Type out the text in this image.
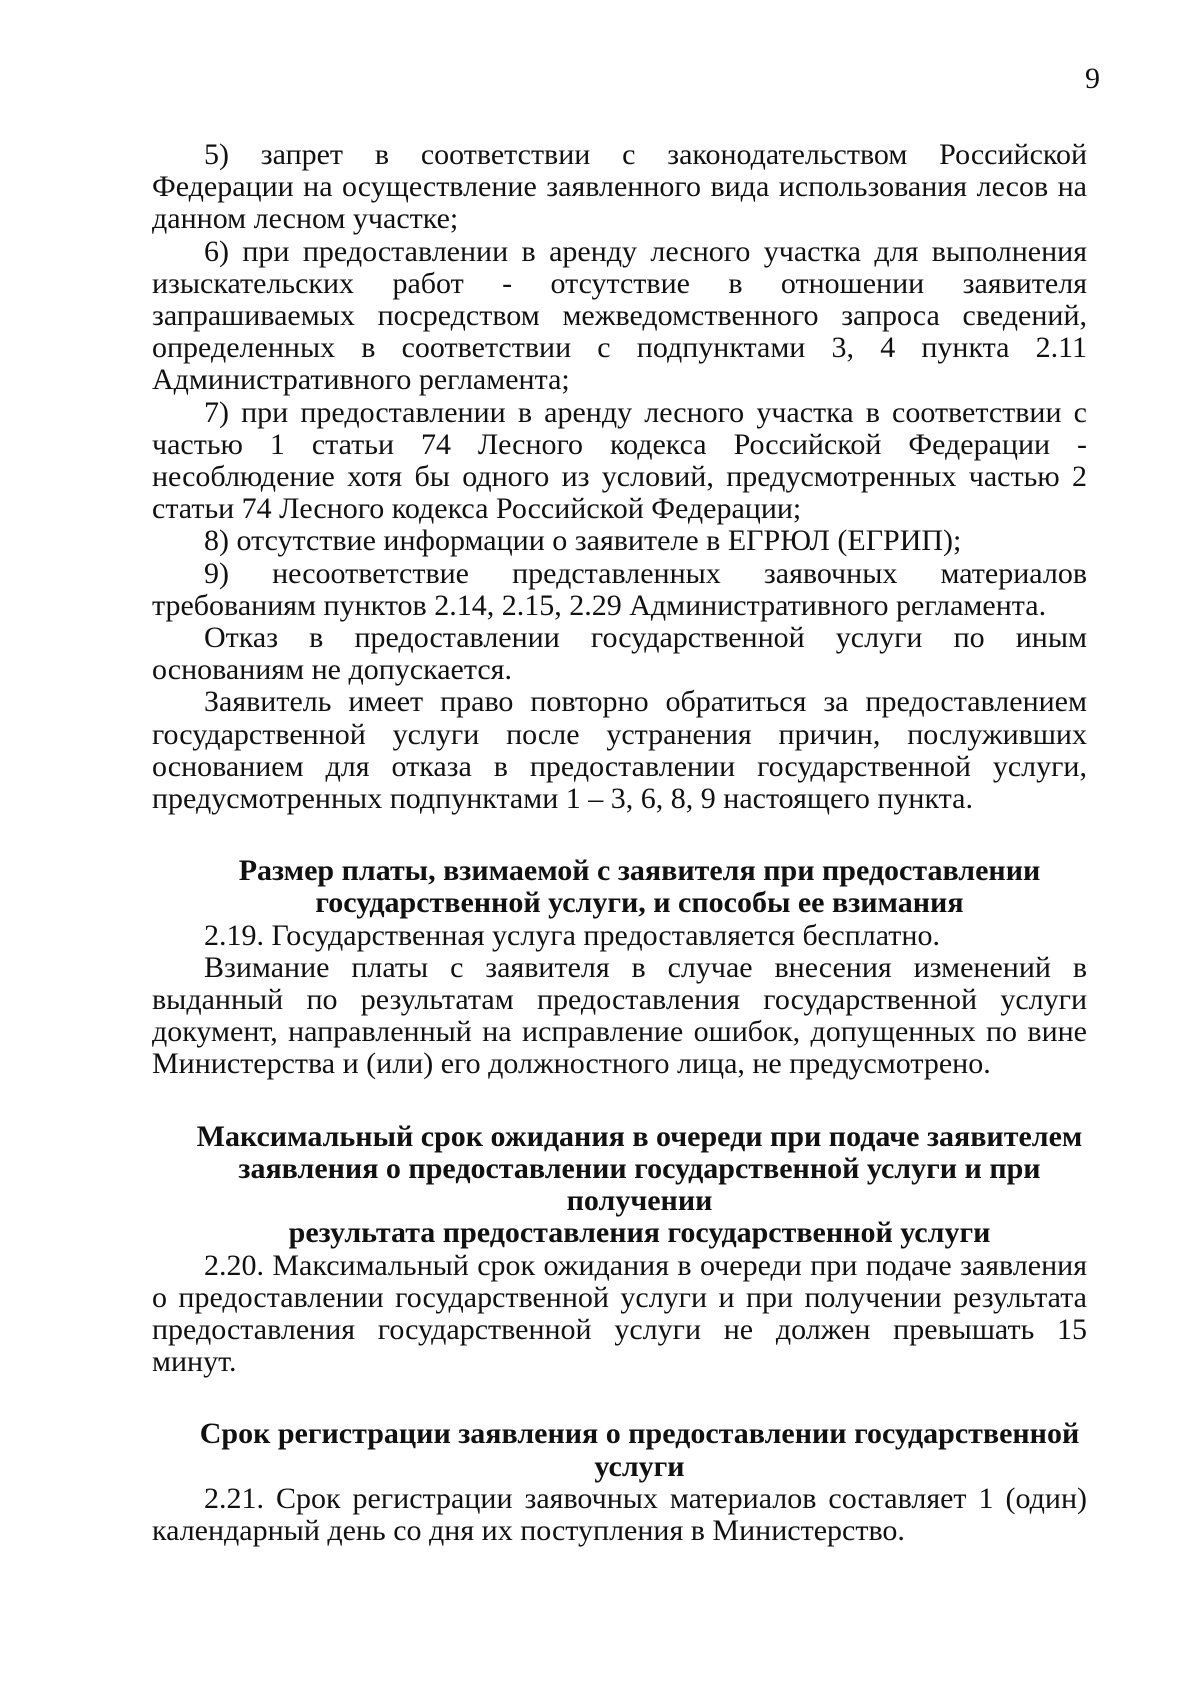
9

5) запрет в соответствии с законодательством Российской Федерации на осуществление заявленного вида использования лесов на данном лесном участке;

6) при предоставлении в аренду лесного участка для выполнения изыскательских работ - отсутствие в отношении заявителя запрашиваемых посредством межведомственного запроса сведений, определенных в соответствии с подпунктами 3, 4 пункта 2.11 Административного регламента;

7) при предоставлении в аренду лесного участка в соответствии с частью 1 статьи 74 Лесного кодекса Российской Федерации - несоблюдение хотя бы одного из условий, предусмотренных частью 2 статьи 74 Лесного кодекса Российской Федерации;

8) отсутствие информации о заявителе в ЕГРЮЛ (ЕГРИП);

9) несоответствие представленных заявочных материалов требованиям пунктов 2.14, 2.15, 2.29 Административного регламента.

Отказ в предоставлении государственной услуги по иным основаниям не допускается.

Заявитель имеет право повторно обратиться за предоставлением государственной услуги после устранения причин, послуживших основанием для отказа в предоставлении государственной услуги, предусмотренных подпунктами 1 – 3, 6, 8, 9 настоящего пункта.

Размер платы, взимаемой с заявителя при предоставлении
государственной услуги, и способы ее взимания

2.19. Государственная услуга предоставляется бесплатно.

Взимание платы с заявителя в случае внесения изменений в выданный по результатам предоставления государственной услуги документ, направленный на исправление ошибок, допущенных по вине Министерства и (или) его должностного лица, не предусмотрено.

Максимальный срок ожидания в очереди при подаче заявителем
заявления о предоставлении государственной услуги и при получении
результата предоставления государственной услуги

2.20. Максимальный срок ожидания в очереди при подаче заявления о предоставлении государственной услуги и при получении результата предоставления государственной услуги не должен превышать 15 минут.

Срок регистрации заявления о предоставлении государственной
услуги

2.21. Срок регистрации заявочных материалов составляет 1 (один) календарный день со дня их поступления в Министерство.
